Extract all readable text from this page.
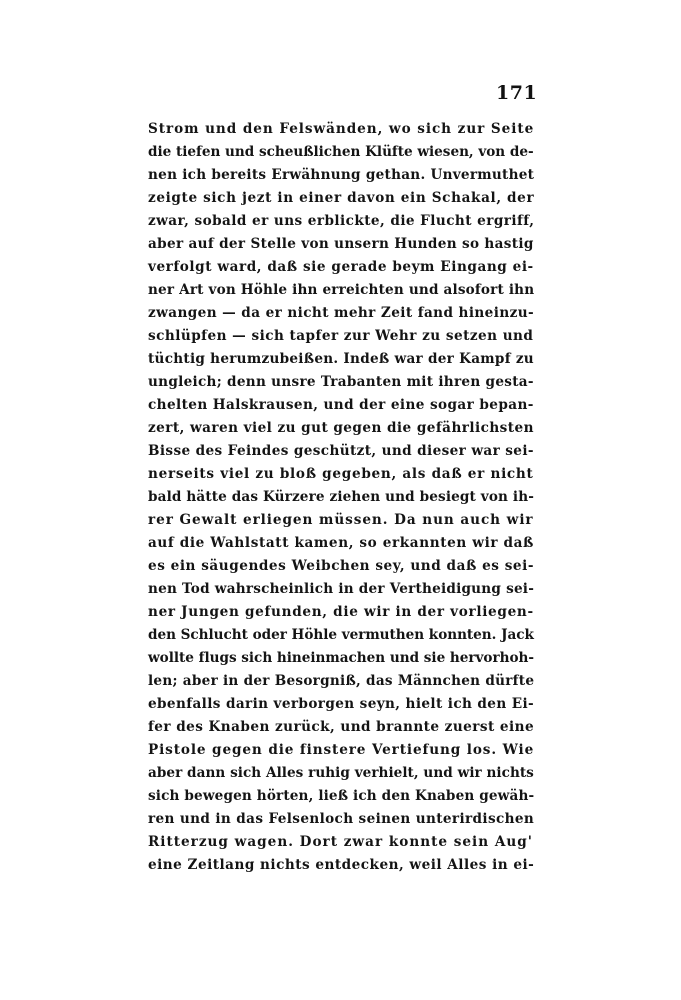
171
Strom und den Felswänden, wo sich zur Seite
die tiefen und scheußlichen Klüfte wiesen, von de-
nen ich bereits Erwähnung gethan. Unvermuthet
zeigte sich jezt in einer davon ein Schakal, der
zwar, sobald er uns erblickte, die Flucht ergriff,
aber auf der Stelle von unsern Hunden so hastig
verfolgt ward, daß sie gerade beym Eingang ei-
ner Art von Höhle ihn erreichten und alsofort ihn
zwangen — da er nicht mehr Zeit fand hineinzu-
schlüpfen — sich tapfer zur Wehr zu setzen und
tüchtig herumzubeißen. Indeß war der Kampf zu
ungleich; denn unsre Trabanten mit ihren gesta-
chelten Halskrausen, und der eine sogar bepan-
zert, waren viel zu gut gegen die gefährlichsten
Bisse des Feindes geschützt, und dieser war sei-
nerseits viel zu bloß gegeben, als daß er nicht
bald hätte das Kürzere ziehen und besiegt von ih-
rer Gewalt erliegen müssen. Da nun auch wir
auf die Wahlstatt kamen, so erkannten wir daß
es ein säugendes Weibchen sey, und daß es sei-
nen Tod wahrscheinlich in der Vertheidigung sei-
ner Jungen gefunden, die wir in der vorliegen-
den Schlucht oder Höhle vermuthen konnten. Jack
wollte flugs sich hineinmachen und sie hervorhoh-
len; aber in der Besorgniß, das Männchen dürfte
ebenfalls darin verborgen seyn, hielt ich den Ei-
fer des Knaben zurück, und brannte zuerst eine
Pistole gegen die finstere Vertiefung los. Wie
aber dann sich Alles ruhig verhielt, und wir nichts
sich bewegen hörten, ließ ich den Knaben gewäh-
ren und in das Felsenloch seinen unterirdischen
Ritterzug wagen. Dort zwar konnte sein Aug'
eine Zeitlang nichts entdecken, weil Alles in ei-
